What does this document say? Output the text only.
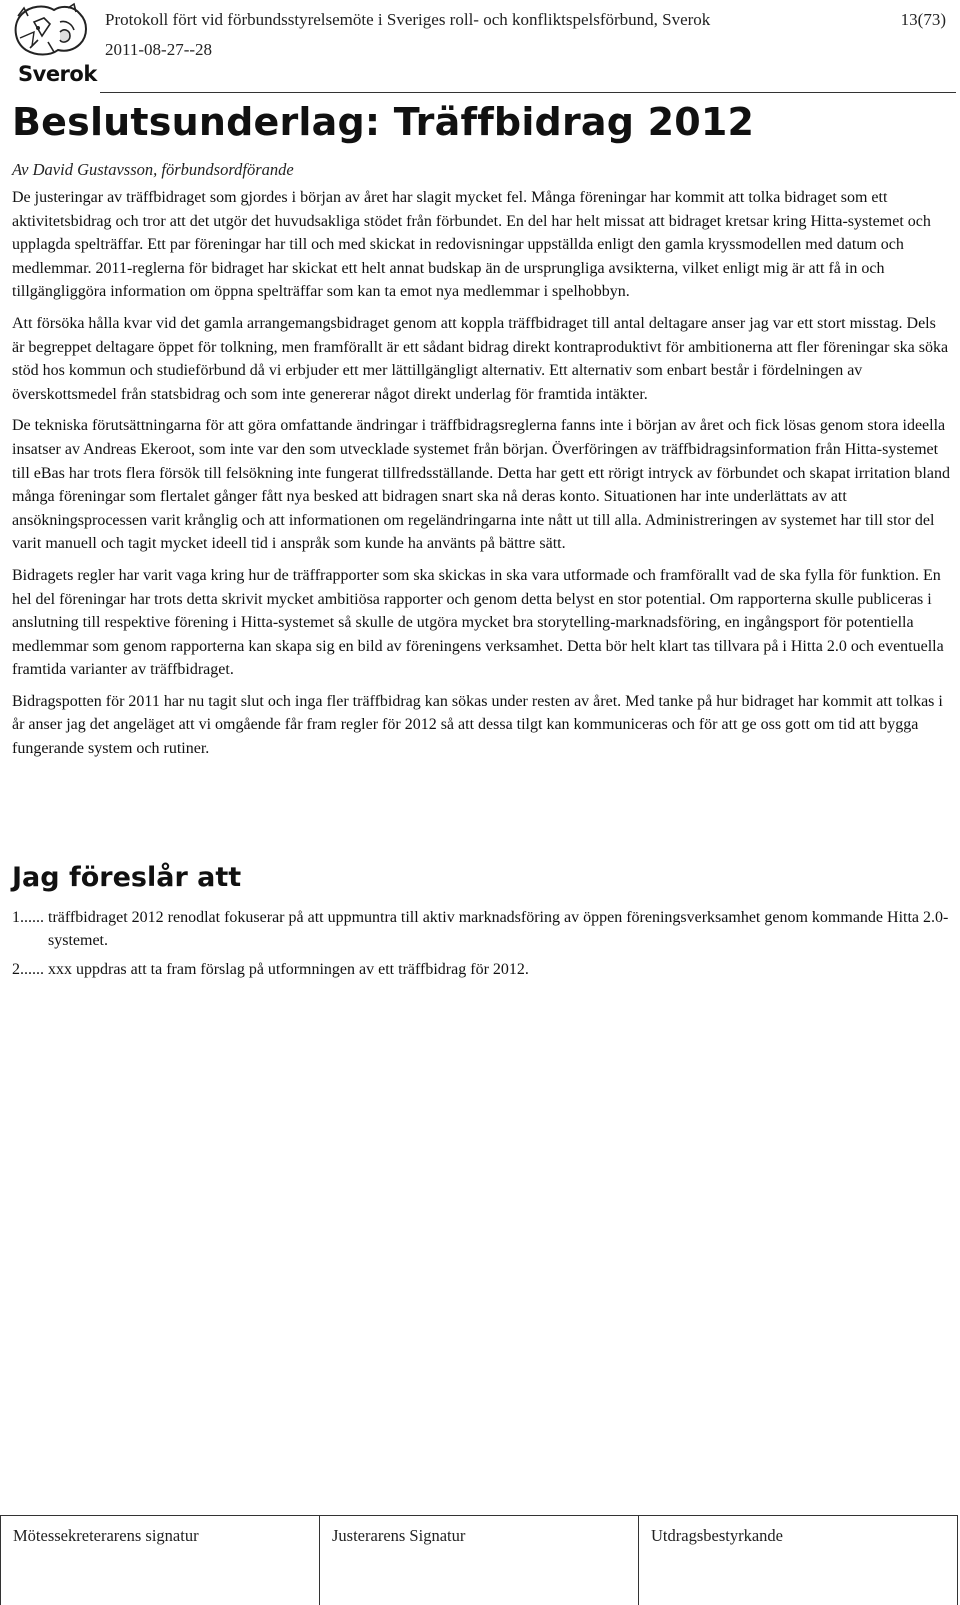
Sverok
Protokoll fört vid förbundsstyrelsemöte i Sveriges roll- och konfliktspelsförbund, Sverok
2011-08-27--28
13(73)
Beslutsunderlag: Träffbidrag 2012
Av David Gustavsson, förbundsordförande

De justeringar av träffbidraget som gjordes i början av året har slagit mycket fel. Många föreningar har kommit att tolka bidraget som ett aktivitetsbidrag och tror att det utgör det huvudsakliga stödet från förbundet. En del har helt missat att bidraget kretsar kring Hitta-systemet och upplagda spelträffar. Ett par föreningar har till och med skickat in redovisningar uppställda enligt den gamla kryssmodellen med datum och medlemmar. 2011-reglerna för bidraget har skickat ett helt annat budskap än de ursprungliga avsikterna, vilket enligt mig är att få in och tillgängliggöra information om öppna spelträffar som kan ta emot nya medlemmar i spelhobbyn.

Att försöka hålla kvar vid det gamla arrangemangsbidraget genom att koppla träffbidraget till antal deltagare anser jag var ett stort misstag. Dels är begreppet deltagare öppet för tolkning, men framförallt är ett sådant bidrag direkt kontraproduktivt för ambitionerna att fler föreningar ska söka stöd hos kommun och studieförbund då vi erbjuder ett mer lättillgängligt alternativ. Ett alternativ som enbart består i fördelningen av överskottsmedel från statsbidrag och som inte genererar något direkt underlag för framtida intäkter.

De tekniska förutsättningarna för att göra omfattande ändringar i träffbidragsreglerna fanns inte i början av året och fick lösas genom stora ideella insatser av Andreas Ekeroot, som inte var den som utvecklade systemet från början. Överföringen av träffbidragsinformation från Hitta-systemet till eBas har trots flera försök till felsökning inte fungerat tillfredsställande. Detta har gett ett rörigt intryck av förbundet och skapat irritation bland många föreningar som flertalet gånger fått nya besked att bidragen snart ska nå deras konto. Situationen har inte underlättats av att ansökningsprocessen varit krånglig och att informationen om regeländringarna inte nått ut till alla. Administreringen av systemet har till stor del varit manuell och tagit mycket ideell tid i anspråk som kunde ha använts på bättre sätt.

Bidragets regler har varit vaga kring hur de träffrapporter som ska skickas in ska vara utformade och framförallt vad de ska fylla för funktion. En hel del föreningar har trots detta skrivit mycket ambitiösa rapporter och genom detta belyst en stor potential. Om rapporterna skulle publiceras i anslutning till respektive förening i Hitta-systemet så skulle de utgöra mycket bra storytelling-marknadsföring, en ingångsport för potentiella medlemmar som genom rapporterna kan skapa sig en bild av föreningens verksamhet. Detta bör helt klart tas tillvara på i Hitta 2.0 och eventuella framtida varianter av träffbidraget.

Bidragspotten för 2011 har nu tagit slut och inga fler träffbidrag kan sökas under resten av året. Med tanke på hur bidraget har kommit att tolkas i år anser jag det angeläget att vi omgående får fram regler för 2012 så att dessa tilgt kan kommuniceras och för att ge oss gott om tid att bygga fungerande system och rutiner.

Jag föreslår att
1...... träffbidraget 2012 renodlat fokuserar på att uppmuntra till aktiv marknadsföring av öppen föreningsverksamhet genom kommande Hitta 2.0-systemet.
2...... xxx uppdras att ta fram förslag på utformningen av ett träffbidrag för 2012.
Mötessekreterarens signatur	Justerarens Signatur	Utdragsbestyrkande
